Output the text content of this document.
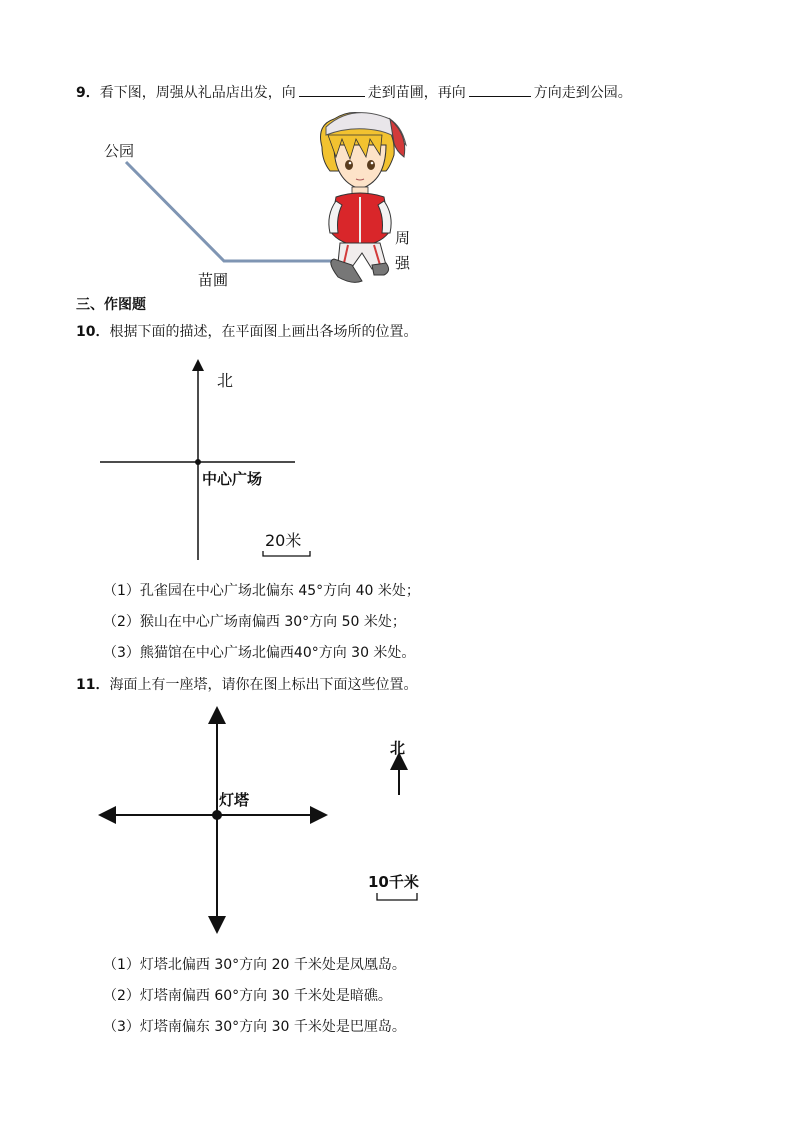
9．看下图，周强从礼品店出发，向	走到苗圃，再向	方向走到公园。
公园
苗圃
周
强
三、作图题
10．根据下面的描述，在平面图上画出各场所的位置。
北
中心广场
20米
（1）孔雀园在中心广场北偏东 45°方向 40 米处；
（2）猴山在中心广场南偏西 30°方向 50 米处；
（3）熊猫馆在中心广场北偏西40°方向 30 米处。
11．海面上有一座塔，请你在图上标出下面这些位置。
灯塔
北
10千米
（1）灯塔北偏西 30°方向 20 千米处是凤凰岛。
（2）灯塔南偏西 60°方向 30 千米处是暗礁。
（3）灯塔南偏东 30°方向 30 千米处是巴厘岛。
